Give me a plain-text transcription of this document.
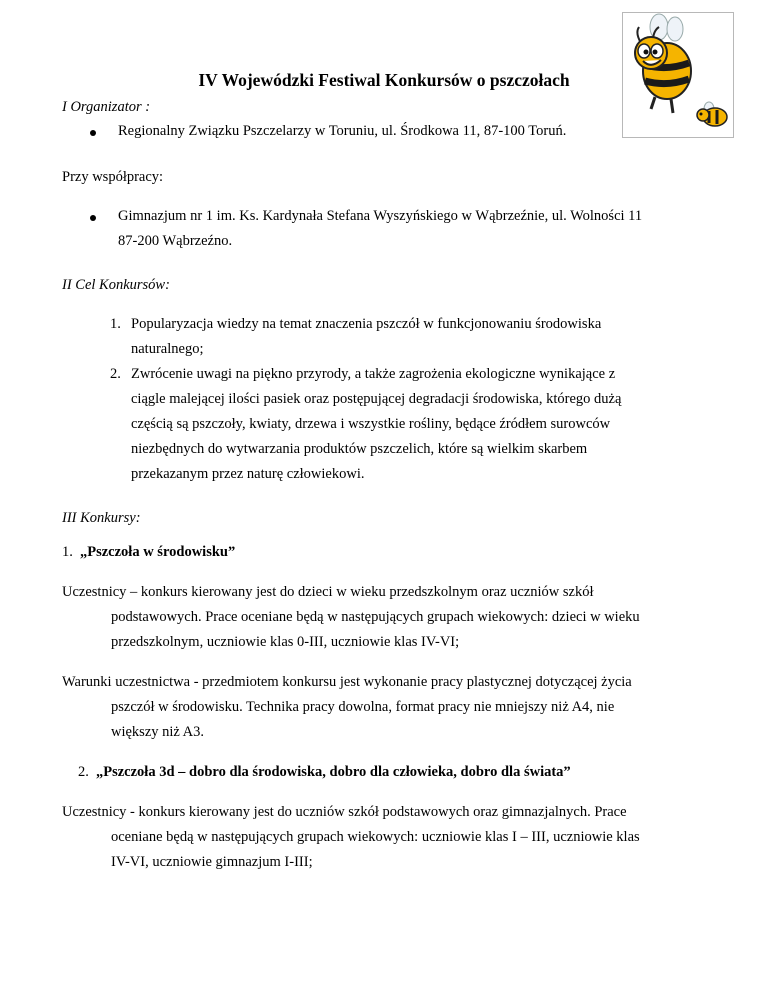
IV Wojewódzki Festiwal Konkursów o pszczołach
I Organizator :
Regionalny Związku Pszczelarzy w Toruniu, ul. Środkowa 11, 87-100 Toruń.
Przy współpracy:
Gimnazjum nr 1 im. Ks. Kardynała Stefana Wyszyńskiego w Wąbrzeźnie, ul. Wolności 11
87-200 Wąbrzeźno.
II Cel Konkursów:
1. Popularyzacja wiedzy na temat znaczenia pszczół w funkcjonowaniu środowiska
naturalnego;
2. Zwrócenie uwagi na piękno przyrody, a także zagrożenia ekologiczne wynikające z
ciągle malejącej ilości pasiek oraz postępującej degradacji środowiska, którego dużą
częścią są pszczoły, kwiaty, drzewa i wszystkie rośliny, będące źródłem surowców
niezbędnych do wytwarzania produktów pszczelich, które są wielkim skarbem
przekazanym przez naturę człowiekowi.
III Konkursy:
1. „Pszczoła w środowisku”
Uczestnicy – konkurs kierowany jest do dzieci w wieku przedszkolnym oraz uczniów szkół
podstawowych. Prace oceniane będą w następujących grupach wiekowych: dzieci w wieku
przedszkolnym, uczniowie klas 0-III, uczniowie klas IV-VI;
Warunki uczestnictwa - przedmiotem konkursu jest wykonanie pracy plastycznej dotyczącej życia
pszczół w środowisku. Technika pracy dowolna, format pracy nie mniejszy niż A4, nie
większy niż A3.
2. „Pszczoła 3d – dobro dla środowiska, dobro dla człowieka, dobro dla świata”
Uczestnicy - konkurs kierowany jest do uczniów szkół podstawowych oraz gimnazjalnych. Prace
oceniane będą w następujących grupach wiekowych: uczniowie klas I – III, uczniowie klas
IV-VI, uczniowie gimnazjum I-III;
